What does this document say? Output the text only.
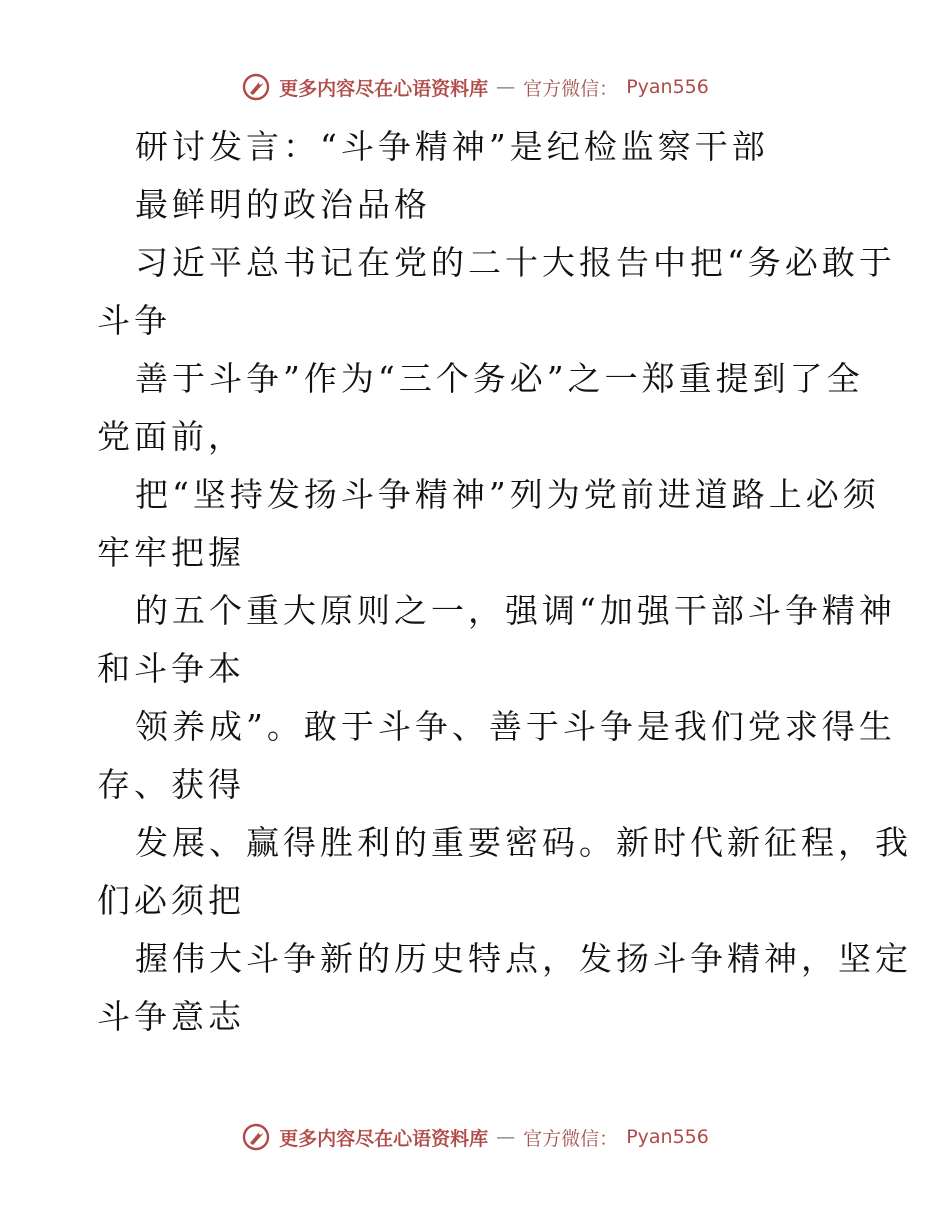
更多内容尽在心语资料库 — 官方微信： Pyan556
研讨发言：“斗争精神”是纪检监察干部
最鲜明的政治品格
习近平总书记在党的二十大报告中把“务必敢于
斗争
善于斗争”作为“三个务必”之一郑重提到了全
党面前，
把“坚持发扬斗争精神”列为党前进道路上必须
牢牢把握
的五个重大原则之一，强调“加强干部斗争精神
和斗争本
领养成”。敢于斗争、善于斗争是我们党求得生
存、获得
发展、赢得胜利的重要密码。新时代新征程，我
们必须把
握伟大斗争新的历史特点，发扬斗争精神，坚定
斗争意志
更多内容尽在心语资料库 — 官方微信： Pyan556
